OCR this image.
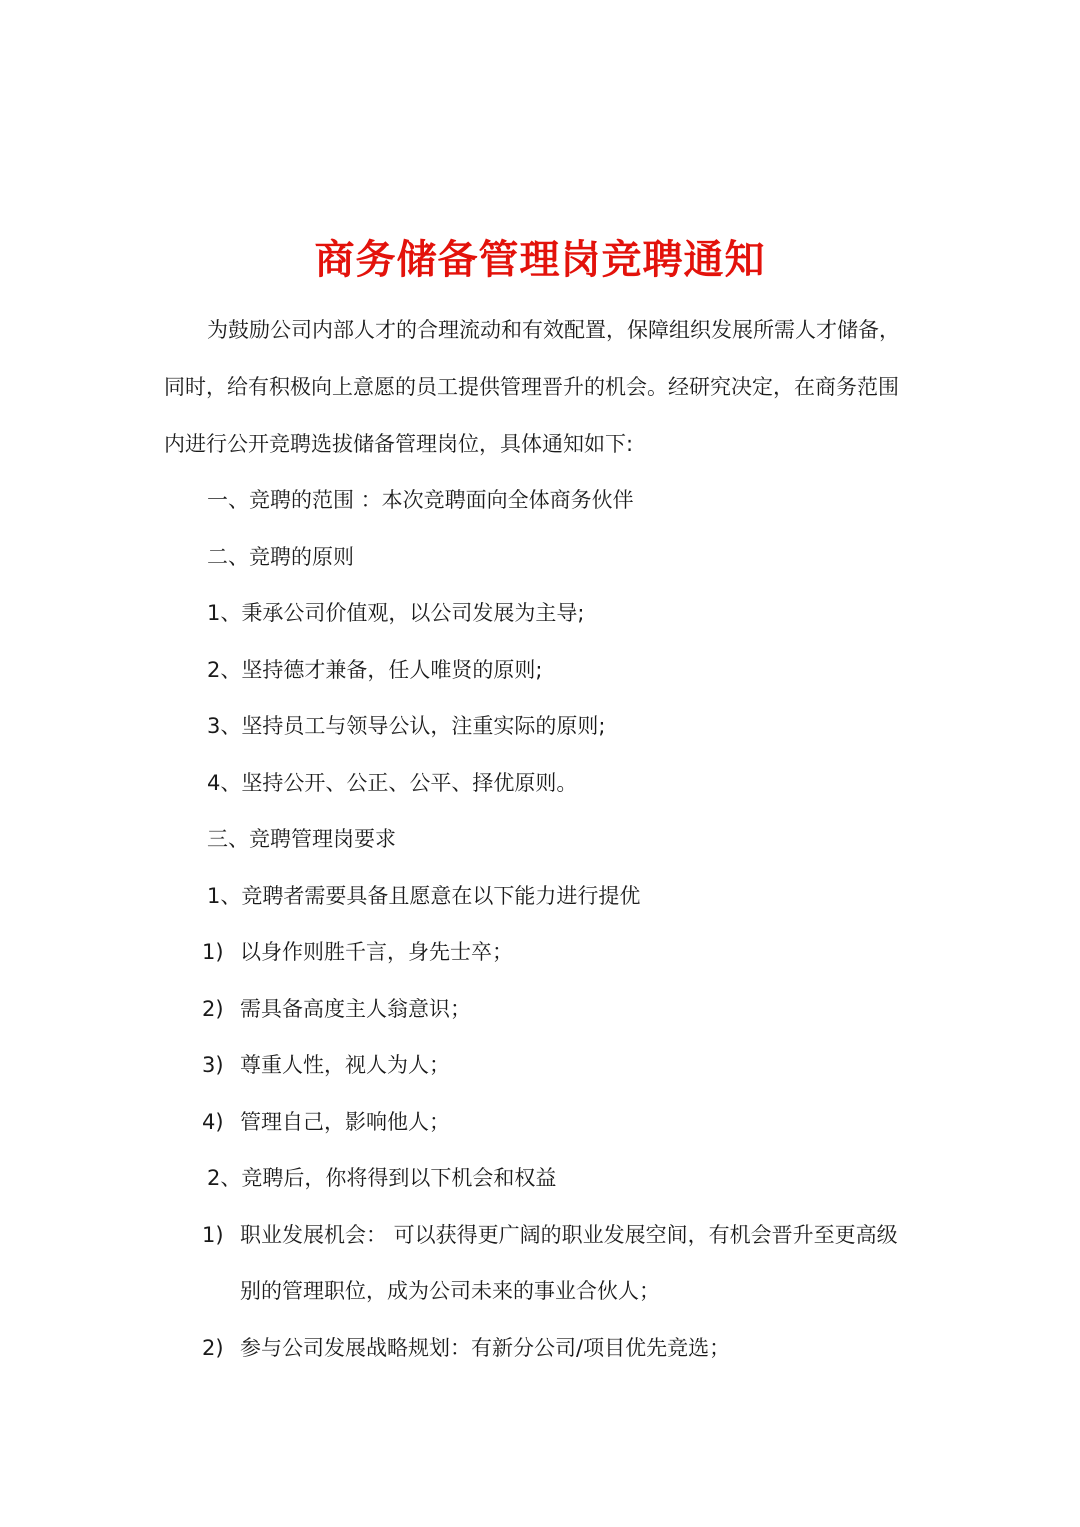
商务储备管理岗竞聘通知
为鼓励公司内部人才的合理流动和有效配置，保障组织发展所需人才储备，
同时，给有积极向上意愿的员工提供管理晋升的机会。经研究决定，在商务范围
内进行公开竞聘选拔储备管理岗位，具体通知如下:
一、竞聘的范围 ：本次竞聘面向全体商务伙伴
二、竞聘的原则
1、秉承公司价值观，以公司发展为主导;
2、坚持德才兼备，任人唯贤的原则;
3、坚持员工与领导公认，注重实际的原则;
4、坚持公开、公正、公平、择优原则。
三、竞聘管理岗要求
1、竞聘者需要具备且愿意在以下能力进行提优
1) 以身作则胜千言，身先士卒；
2) 需具备高度主人翁意识；
3) 尊重人性，视人为人；
4) 管理自己，影响他人；
2、竞聘后，你将得到以下机会和权益
1) 职业发展机会： 可以获得更广阔的职业发展空间，有机会晋升至更高级
别的管理职位，成为公司未来的事业合伙人；
2) 参与公司发展战略规划：有新分公司/项目优先竞选；
